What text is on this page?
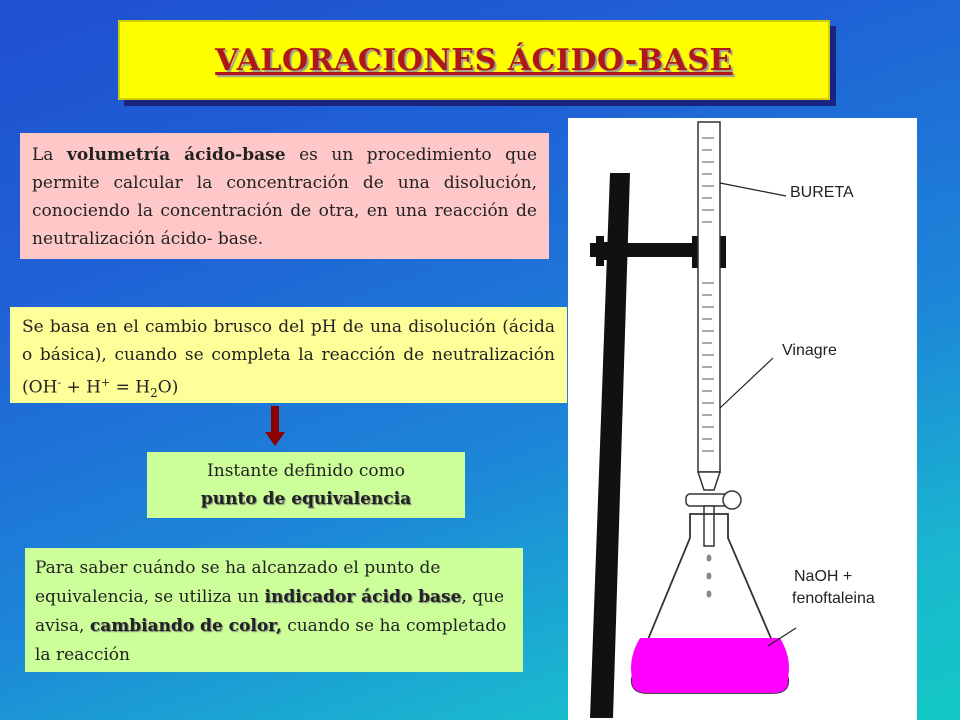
VALORACIONES ÁCIDO-BASE
La volumetría ácido-base es un procedimiento que permite calcular la concentración de una disolución, conociendo la concentración de otra, en una reacción de neutralización ácido- base.
Se basa en el cambio brusco del pH de una disolución (ácida o básica), cuando se completa la reacción de neutralización $(OH^- + H^+ = H_2O)$
Instante definido como
punto de equivalencia
Para saber cuándo se ha alcanzado el punto de equivalencia, se utiliza un indicador ácido base, que avisa, cambiando de color, cuando se ha completado la reacción
BURETA
Vinagre
NaOH +
fenoftaleina
